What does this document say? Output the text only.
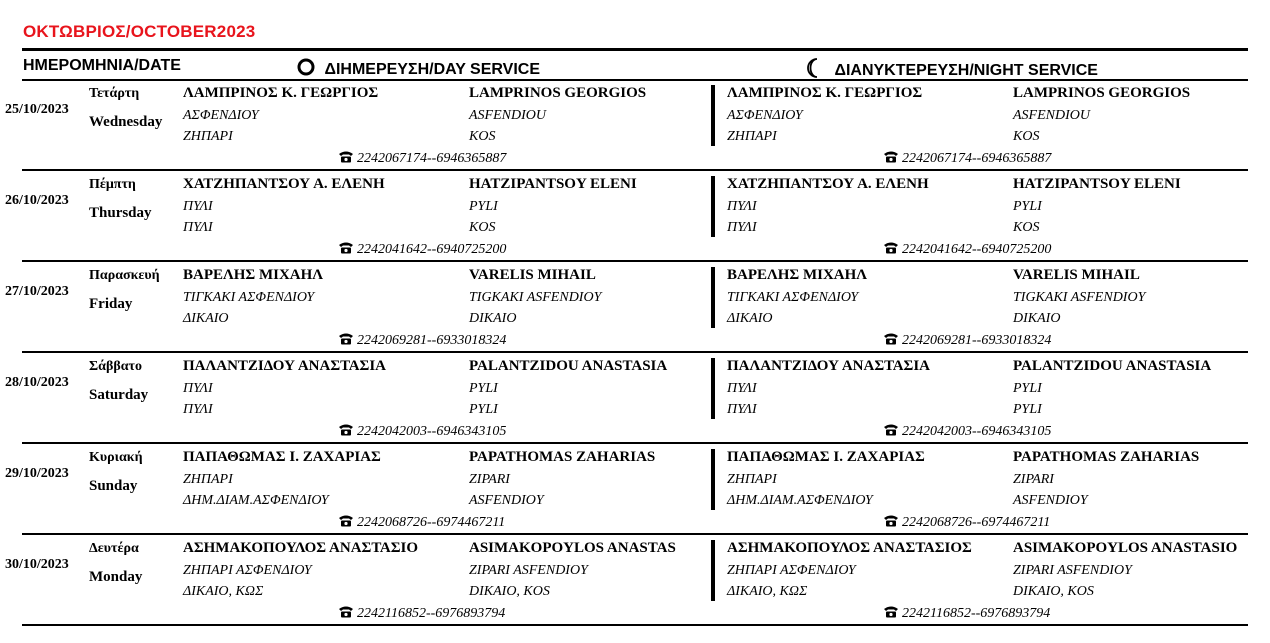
ΟΚΤΩΒΡΙΟΣ/OCTOBER2023
ΗΜΕΡΟΜΗΝΙΑ/DATE	ΔΙΗΜΕΡΕΥΣΗ/DAY SERVICE	ΔΙΑΝΥΚΤΕΡΕΥΣΗ/NIGHT SERVICE
25/10/2023
Τετάρτη
Wednesday
ΛΑΜΠΡΙΝΟΣ Κ. ΓΕΩΡΓΙΟΣ
ΑΣΦΕΝΔΙΟΥ
ΖΗΠΑΡΙ
LAMPRINOS GEORGIOS
ASFENDIOU
KOS
2242067174--6946365887
ΛΑΜΠΡΙΝΟΣ Κ. ΓΕΩΡΓΙΟΣ
ΑΣΦΕΝΔΙΟΥ
ΖΗΠΑΡΙ
LAMPRINOS GEORGIOS
ASFENDIOU
KOS
2242067174--6946365887
26/10/2023
Πέμπτη
Thursday
ΧΑΤΖΗΠΑΝΤΣΟΥ Α. ΕΛΕΝΗ
ΠΥΛΙ
ΠΥΛΙ
HATZIPANTSOY ELENI
PYLI
KOS
2242041642--6940725200
ΧΑΤΖΗΠΑΝΤΣΟΥ Α. ΕΛΕΝΗ
ΠΥΛΙ
ΠΥΛΙ
HATZIPANTSOY ELENI
PYLI
KOS
2242041642--6940725200
27/10/2023
Παρασκευή
Friday
ΒΑΡΕΛΗΣ ΜΙΧΑΗΛ
ΤΙΓΚΑΚΙ ΑΣΦΕΝΔΙΟΥ
ΔΙΚΑΙΟ
VARELIS MIHAIL
TIGKAKI ASFENDIOY
DIKAIO
2242069281--6933018324
ΒΑΡΕΛΗΣ ΜΙΧΑΗΛ
ΤΙΓΚΑΚΙ ΑΣΦΕΝΔΙΟΥ
ΔΙΚΑΙΟ
VARELIS MIHAIL
TIGKAKI ASFENDIOY
DIKAIO
2242069281--6933018324
28/10/2023
Σάββατο
Saturday
ΠΑΛΑΝΤΖΙΔΟΥ ΑΝΑΣΤΑΣΙΑ
ΠΥΛΙ
ΠΥΛΙ
PALANTZIDOU ANASTASIA
PYLI
PYLI
2242042003--6946343105
ΠΑΛΑΝΤΖΙΔΟΥ ΑΝΑΣΤΑΣΙΑ
ΠΥΛΙ
ΠΥΛΙ
PALANTZIDOU ANASTASIA
PYLI
PYLI
2242042003--6946343105
29/10/2023
Κυριακή
Sunday
ΠΑΠΑΘΩΜΑΣ Ι. ΖΑΧΑΡΙΑΣ
ΖΗΠΑΡΙ
ΔΗΜ.ΔΙΑΜ.ΑΣΦΕΝΔΙΟΥ
PAPATHOMAS ZAHARIAS
ZIPARI
ASFENDIOY
2242068726--6974467211
ΠΑΠΑΘΩΜΑΣ Ι. ΖΑΧΑΡΙΑΣ
ΖΗΠΑΡΙ
ΔΗΜ.ΔΙΑΜ.ΑΣΦΕΝΔΙΟΥ
PAPATHOMAS ZAHARIAS
ZIPARI
ASFENDIOY
2242068726--6974467211
30/10/2023
Δευτέρα
Monday
ΑΣΗΜΑΚΟΠΟΥΛΟΣ ΑΝΑΣΤΑΣΙΟ
ΖΗΠΑΡΙ ΑΣΦΕΝΔΙΟΥ
ΔΙΚΑΙΟ, ΚΩΣ
ASIMAKOPOYLOS ANASTAS
ZIPARI ASFENDIOY
DIKAIO, KOS
2242116852--6976893794
ΑΣΗΜΑΚΟΠΟΥΛΟΣ ΑΝΑΣΤΑΣΙΟΣ
ΖΗΠΑΡΙ ΑΣΦΕΝΔΙΟΥ
ΔΙΚΑΙΟ, ΚΩΣ
ASIMAKOPOYLOS ANASTASIO
ZIPARI ASFENDIOY
DIKAIO, KOS
2242116852--6976893794
